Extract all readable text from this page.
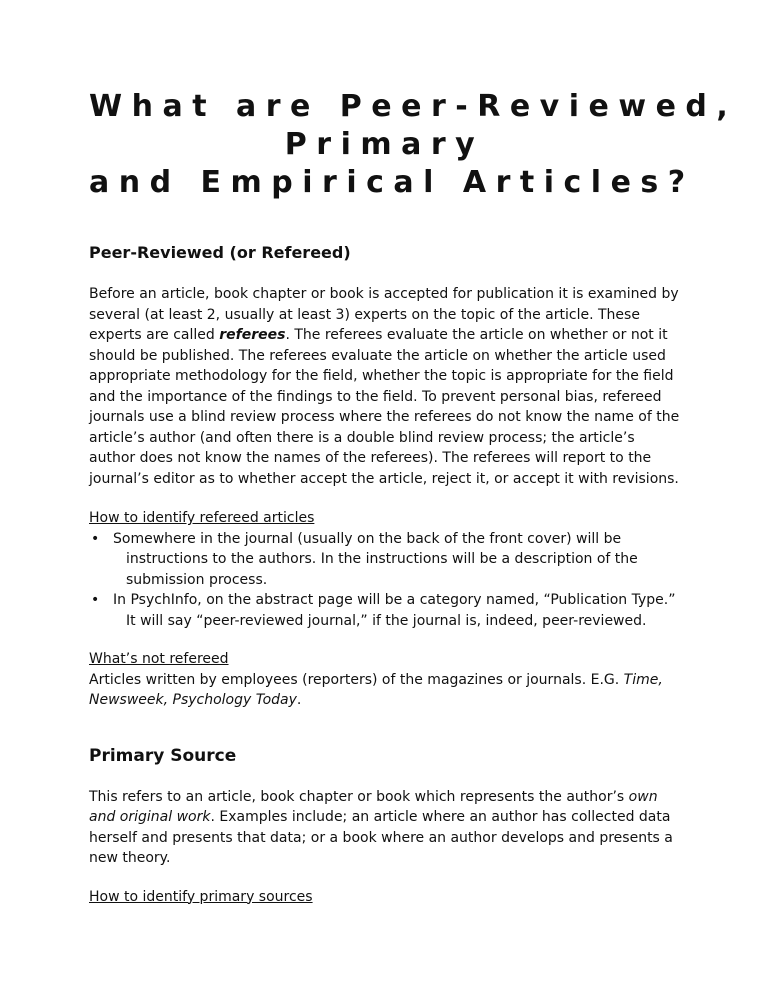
What are Peer-Reviewed,
Primary
and Empirical Articles?
Peer-Reviewed (or Refereed)

Before an article, book chapter or book is accepted for publication it is examined by several (at least 2, usually at least 3) experts on the topic of the article. These experts are called referees. The referees evaluate the article on whether or not it should be published. The referees evaluate the article on whether the article used appropriate methodology for the field, whether the topic is appropriate for the field and the importance of the findings to the field. To prevent personal bias, refereed journals use a blind review process where the referees do not know the name of the article’s author (and often there is a double blind review process; the article’s author does not know the names of the referees). The referees will report to the journal’s editor as to whether accept the article, reject it, or accept it with revisions.

How to identify refereed articles
• Somewhere in the journal (usually on the back of the front cover) will be instructions to the authors. In the instructions will be a description of the submission process.
• In PsychInfo, on the abstract page will be a category named, “Publication Type.” It will say “peer-reviewed journal,” if the journal is, indeed, peer-reviewed.
What’s not refereed

Articles written by employees (reporters) of the magazines or journals. E.G. Time, Newsweek, Psychology Today.

Primary Source

This refers to an article, book chapter or book which represents the author’s own and original work. Examples include; an article where an author has collected data herself and presents that data; or a book where an author develops and presents a new theory.

How to identify primary sources
